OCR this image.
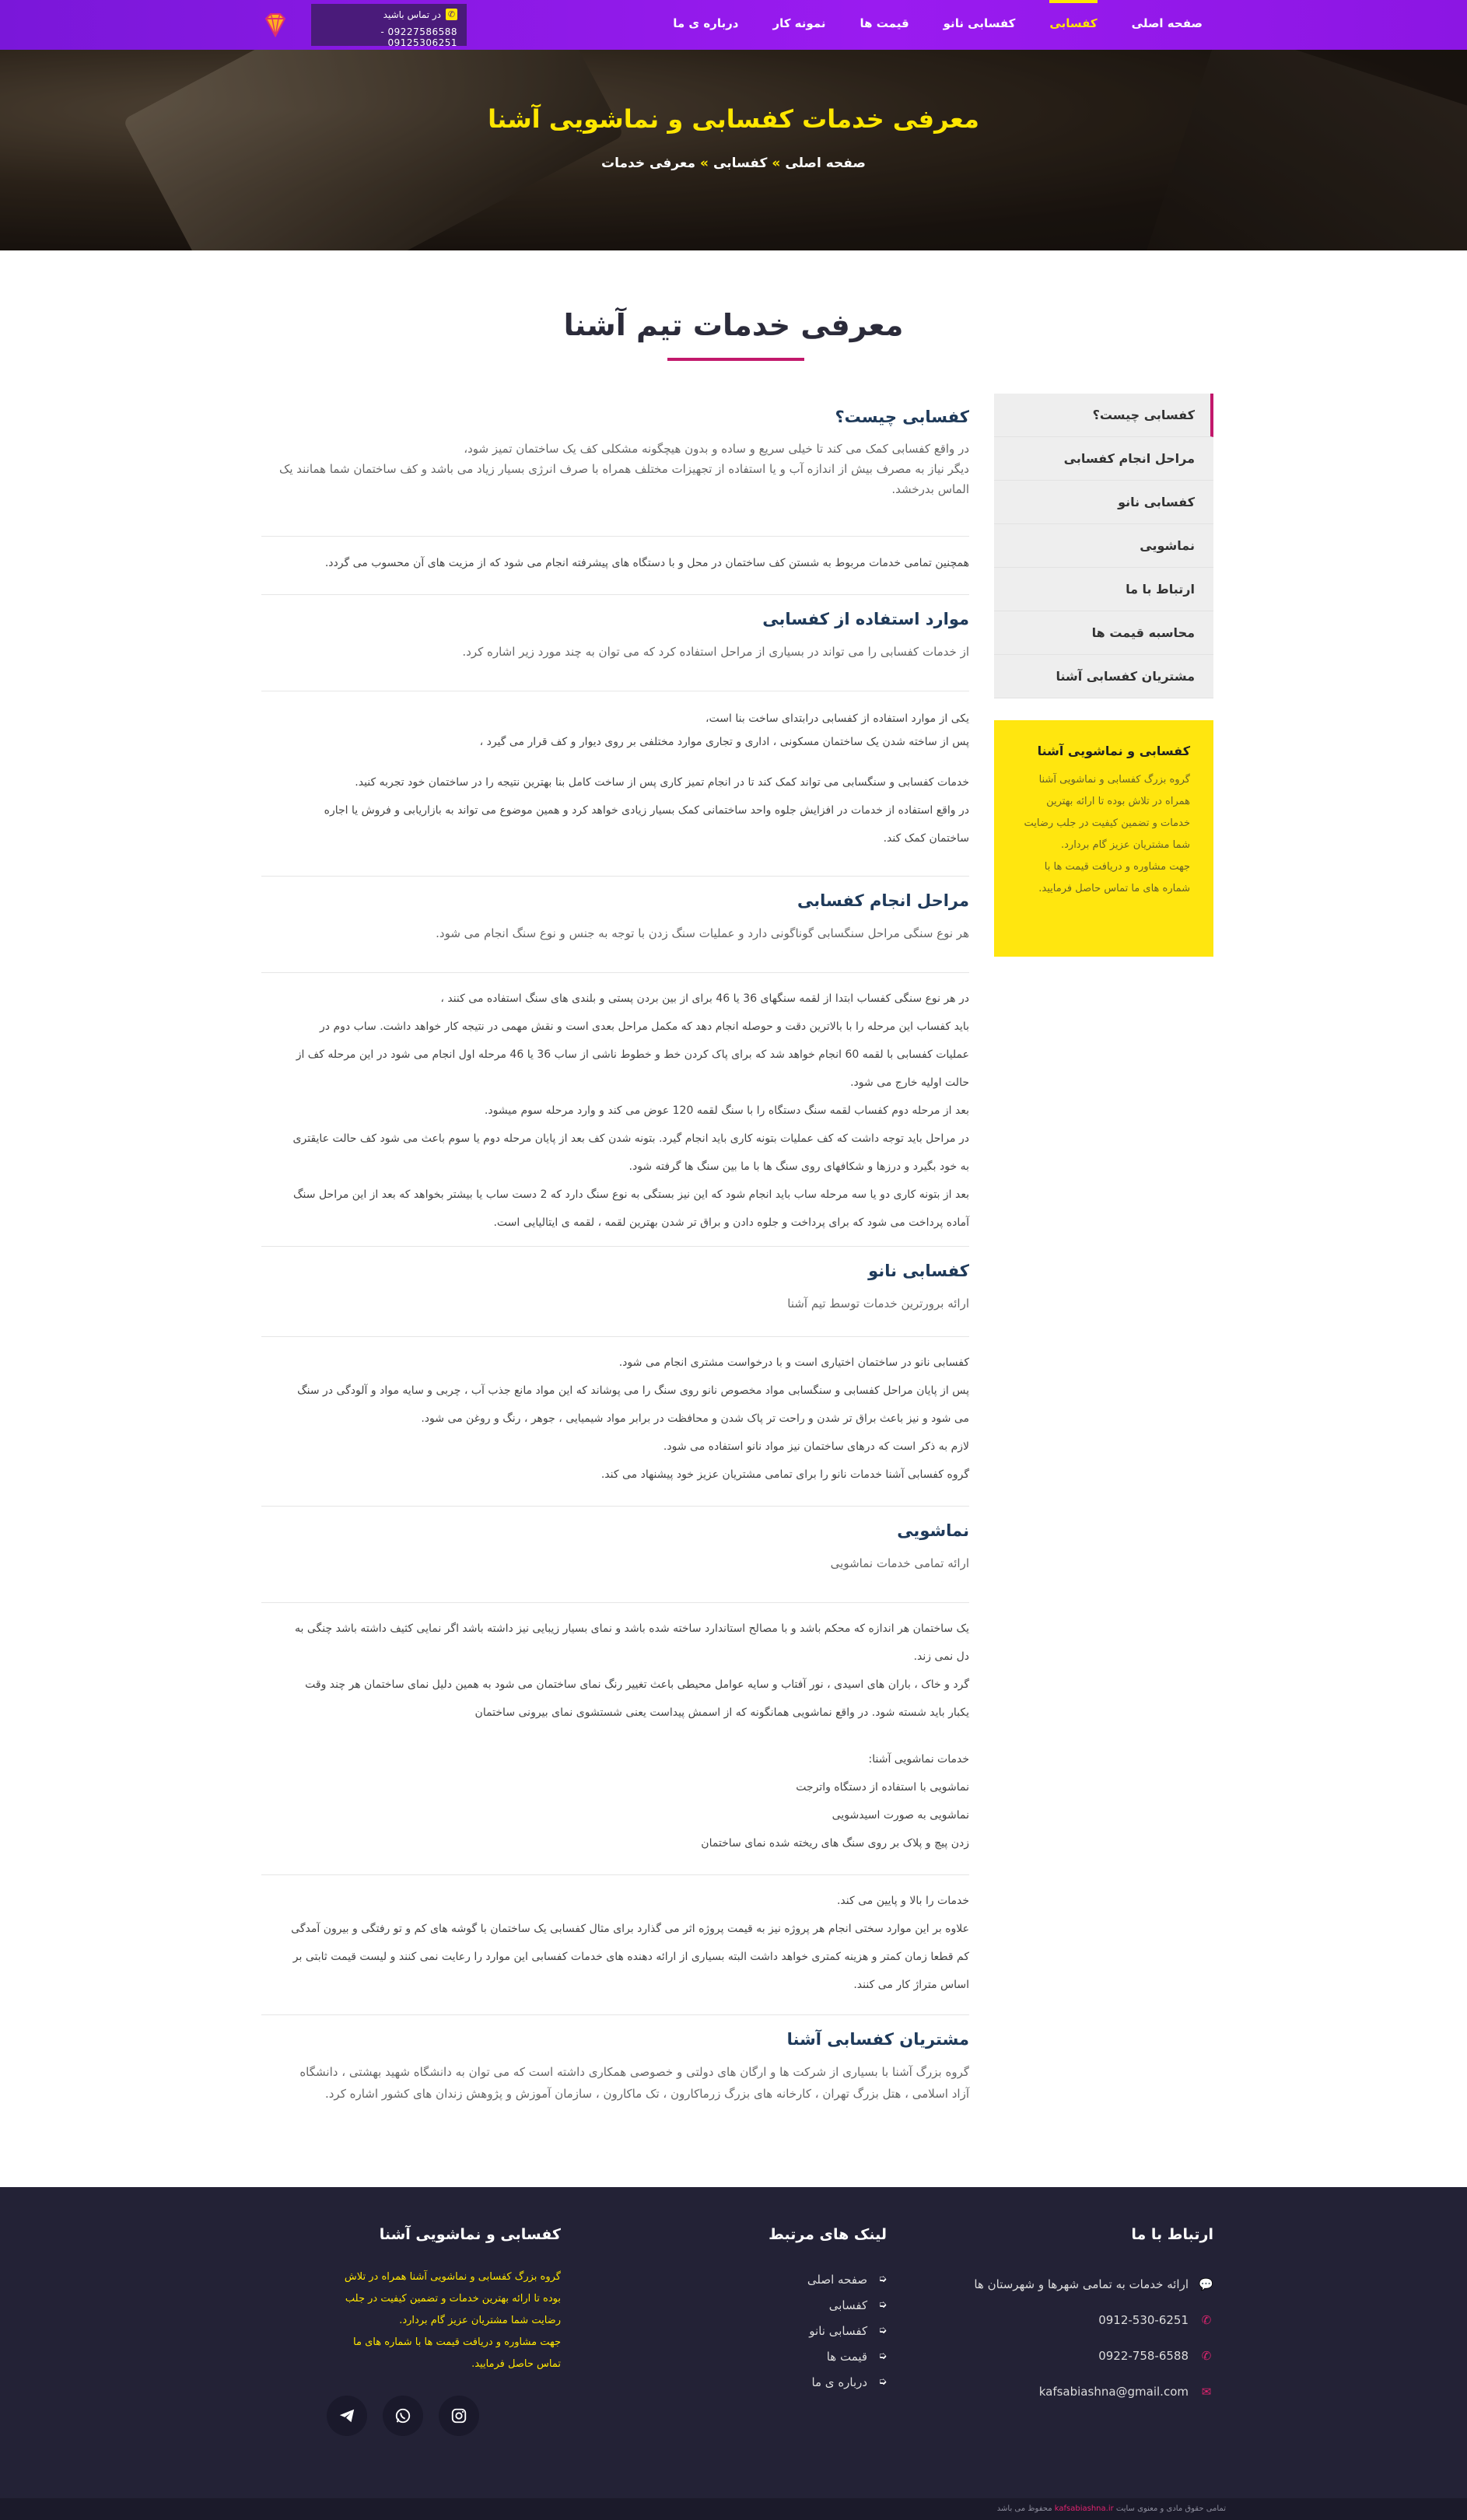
صفحه اصلی
کفسابی
کفسابی نانو
قیمت ها
نمونه کار
درباره ی ما
✆
در تماس باشید
09227586588 - 09125306251
معرفی خدمات کفسابی و نماشویی آشنا
صفحه اصلی»کفسابی»معرفی خدمات
معرفی خدمات تیم آشنا
کفسابی چیست؟
مراحل انجام کفسابی
کفسابی نانو
نماشویی
ارتباط با ما
محاسبه قیمت ها
مشتریان کفسابی آشنا
کفسابی و نماشویی آشنا

گروه بزرگ کفسابی و نماشویی آشنا همراه در تلاش بوده تا ارائه بهترین خدمات و تضمین کیفیت در جلب رضایت شما مشتریان عزیز گام بردارد.

جهت مشاوره و دریافت قیمت ها با شماره های ما تماس حاصل فرمایید.

کفسابی چیست؟
در واقع کفسابی کمک می کند تا خیلی سریع و ساده و بدون هیچگونه مشکلی کف یک ساختمان تمیز شود،
دیگر نیاز به مصرف بیش از اندازه آب و یا استفاده از تجهیزات مختلف همراه با صرف انرژی بسیار زیاد می باشد و کف ساختمان شما همانند یک
الماس بدرخشد.

همچنین تمامی خدمات مربوط به شستن کف ساختمان در محل و با دستگاه های پیشرفته انجام می شود که از مزیت های آن محسوب می گردد.

موارد استفاده از کفسابی
از خدمات کفسابی را می تواند در بسیاری از مراحل استفاده کرد که می توان به چند مورد زیر اشاره کرد.

یکی از موارد استفاده از کفسابی درابتدای ساخت بنا است،

پس از ساخته شدن یک ساختمان مسکونی ، اداری و تجاری موارد مختلفی بر روی دیوار و کف قرار می گیرد ،

خدمات کفسابی و سنگسابی می تواند کمک کند تا در انجام تمیز کاری پس از ساخت کامل بنا بهترین نتیجه را در ساختمان خود تجربه کنید.

در واقع استفاده از خدمات در افزایش جلوه واحد ساختمانی کمک بسیار زیادی خواهد کرد و همین موضوع می تواند به بازاریابی و فروش یا اجاره

ساختمان کمک کند.

مراحل انجام کفسابی
هر نوع سنگی مراحل سنگسابی گوناگونی دارد و عملیات سنگ زدن با توجه به جنس و نوع سنگ انجام می شود.

در هر نوع سنگی کفساب ابتدا از لقمه سنگهای 36 یا 46 برای از بین بردن پستی و بلندی های سنگ استفاده می کنند ،

باید کفساب این مرحله را با بالاترین دقت و حوصله انجام دهد که مکمل مراحل بعدی است و نقش مهمی در نتیجه کار خواهد داشت. ساب دوم در

عملیات کفسابی با لقمه 60 انجام خواهد شد که برای پاک کردن خط و خطوط ناشی از ساب 36 یا 46 مرحله اول انجام می شود در این مرحله کف از

حالت اولیه خارج می شود.

بعد از مرحله دوم کفساب لقمه سنگ دستگاه را با سنگ لقمه 120 عوض می کند و وارد مرحله سوم میشود.

در مراحل باید توجه داشت که کف عملیات بتونه کاری باید انجام گیرد. بتونه شدن کف بعد از پایان مرحله دوم یا سوم باعث می شود کف حالت عایقتری

به خود بگیرد و درزها و شکافهای روی سنگ ها با ما بین سنگ ها گرفته شود.

بعد از بتونه کاری دو یا سه مرحله ساب باید انجام شود که این نیز بستگی به نوع سنگ دارد که 2 دست ساب یا بیشتر بخواهد که بعد از این مراحل سنگ

آماده پرداخت می شود که برای پرداخت و جلوه دادن و براق تر شدن بهترین لقمه ، لقمه ی ایتالیایی است.

کفسابی نانو
ارائه برورترین خدمات توسط تیم آشنا

کفسابی نانو در ساختمان اختیاری است و با درخواست مشتری انجام می شود.

پس از پایان مراحل کفسابی و سنگسابی مواد مخصوص نانو روی سنگ را می پوشاند که این مواد مانع جذب آب ، چربی و سایه مواد و آلودگی در سنگ

می شود و نیز باعث براق تر شدن و راحت تر پاک شدن و محافظت در برابر مواد شیمیایی ، جوهر ، رنگ و روغن می شود.

لازم به ذکر است که درهای ساختمان نیز مواد نانو استفاده می شود.

گروه کفسابی آشنا خدمات نانو را برای تمامی مشتریان عزیز خود پیشنهاد می کند.

نماشویی
ارائه تمامی خدمات نماشویی

یک ساختمان هر اندازه که محکم باشد و با مصالح استاندارد ساخته شده باشد و نمای بسیار زیبایی نیز داشته باشد اگر نمایی کثیف داشته باشد چنگی به

دل نمی زند.

گرد و خاک ، باران های اسیدی ، نور آفتاب و سایه عوامل محیطی باعث تغییر رنگ نمای ساختمان می شود به همین دلیل نمای ساختمان هر چند وقت

یکبار باید شسته شود. در واقع نماشویی همانگونه که از اسمش پیداست یعنی شستشوی نمای بیرونی ساختمان

خدمات نماشویی آشنا:

نماشویی با استفاده از دستگاه واترجت

نماشویی به صورت اسیدشویی

زدن پیچ و پلاک بر روی سنگ های ریخته شده نمای ساختمان

خدمات را بالا و پایین می کند.

علاوه بر این موارد سختی انجام هر پروژه نیز به قیمت پروژه اثر می گذارد برای مثال کفسابی یک ساختمان با گوشه های کم و تو رفتگی و بیرون آمدگی

کم قطعا زمان کمتر و هزینه کمتری خواهد داشت البته بسیاری از ارائه دهنده های خدمات کفسابی این موارد را رعایت نمی کنند و لیست قیمت ثابتی بر

اساس متراژ کار می کنند.

مشتریان کفسابی آشنا
گروه بزرگ آشنا با بسیاری از شرکت ها و ارگان های دولتی و خصوصی همکاری داشته است که می توان به دانشگاه شهید بهشتی ، دانشگاه
آزاد اسلامی ، هتل بزرگ تهران ، کارخانه های بزرگ زرماکارون ، تک ماکارون ، سازمان آموزش و پژوهش زندان های کشور اشاره کرد.
ارتباط با ما
💬
ارائه خدمات به تمامی شهرها و شهرستان ها
✆
0912-530-6251
✆
0922-758-6588
✉
kafsabiashna@gmail.com
لینک های مرتبط
➭
صفحه اصلی
➭
کفسابی
➭
کفسابی نانو
➭
قیمت ها
➭
درباره ی ما
کفسابی و نماشویی آشنا

گروه بزرگ کفسابی و نماشویی آشنا همراه در تلاش بوده تا ارائه بهترین خدمات و تضمین کیفیت در جلب رضایت شما مشتریان عزیز گام بردارد.

جهت مشاوره و دریافت قیمت ها با شماره های ما تماس حاصل فرمایید.

تمامی حقوق مادی و معنوی سایت kafsabiashna.ir محفوظ می باشد
